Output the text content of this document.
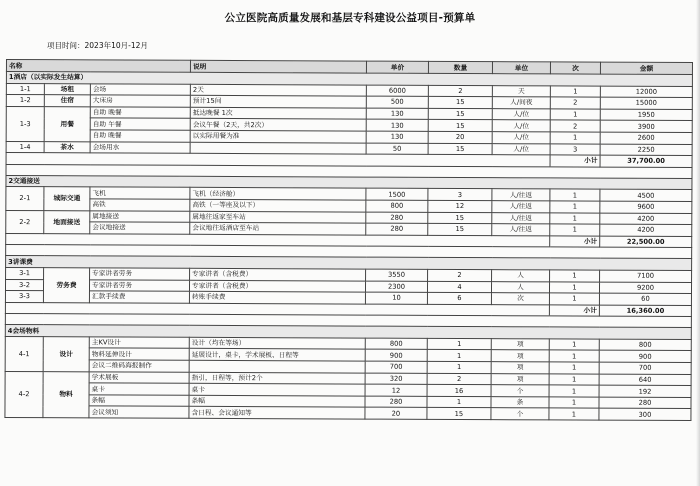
公立医院高质量发展和基层专科建设公益项目-预算单
项目时间：2023年10月-12月
名称			说明	单价	数量	单位	次	金额
1酒店（以实际发生结算）								
1-1	场租	会场	2天	6000	2	天	1	12000
1-2	住宿	大床房	预计15间	500	15	人/间夜	2	15000
1-3	用餐	自助 晚餐	抵达晚餐 1次	130	15	人/位	1	1950
		自助 午餐	会议午餐（2天，共2次）	130	15	人/位	2	3900
		自助 晚餐	以实际用餐为准	130	20	人/位	1	2600
1-4	茶水	会场用水		50	15	人/位	3	2250
							小计	37,700.00

2交通接送								
2-1	城际交通	飞机	飞机（经济舱）	1500	3	人/往返	1	4500
		高铁	高铁（一等座及以下）	800	12	人/往返	1	9600
2-2	地面接送	属地接送	属地往返家至车站	280	15	人/往返	1	4200
		会议地接送	会议地往返酒店至车站	280	15	人/往返	1	4200
							小计	22,500.00

3讲课费								
3-1	劳务费	专家讲者劳务	专家讲者（含税费）	3550	2	人	1	7100
3-2		专家讲者劳务	专家讲者（含税费）	2300	4	人	1	9200
3-3		汇款手续费	转账手续费	10	6	次	1	60
							小计	16,360.00

4会场物料								
4-1	设计	主KV设计	设计（均在等场）	800	1	项	1	800
		物料延伸设计	延展设计，桌卡，学术展板、日程等	900	1	项	1	900
		会议二维码海报制作		700	1	项	1	700
4-2	物料	学术展板	指引，日程等，预计2个	320	2	项	1	640
		桌卡	桌卡	12	16	个	1	192
		条幅	条幅	280	1	条	1	280
		会议须知	含日程、会议通知等	20	15	个	1	300
